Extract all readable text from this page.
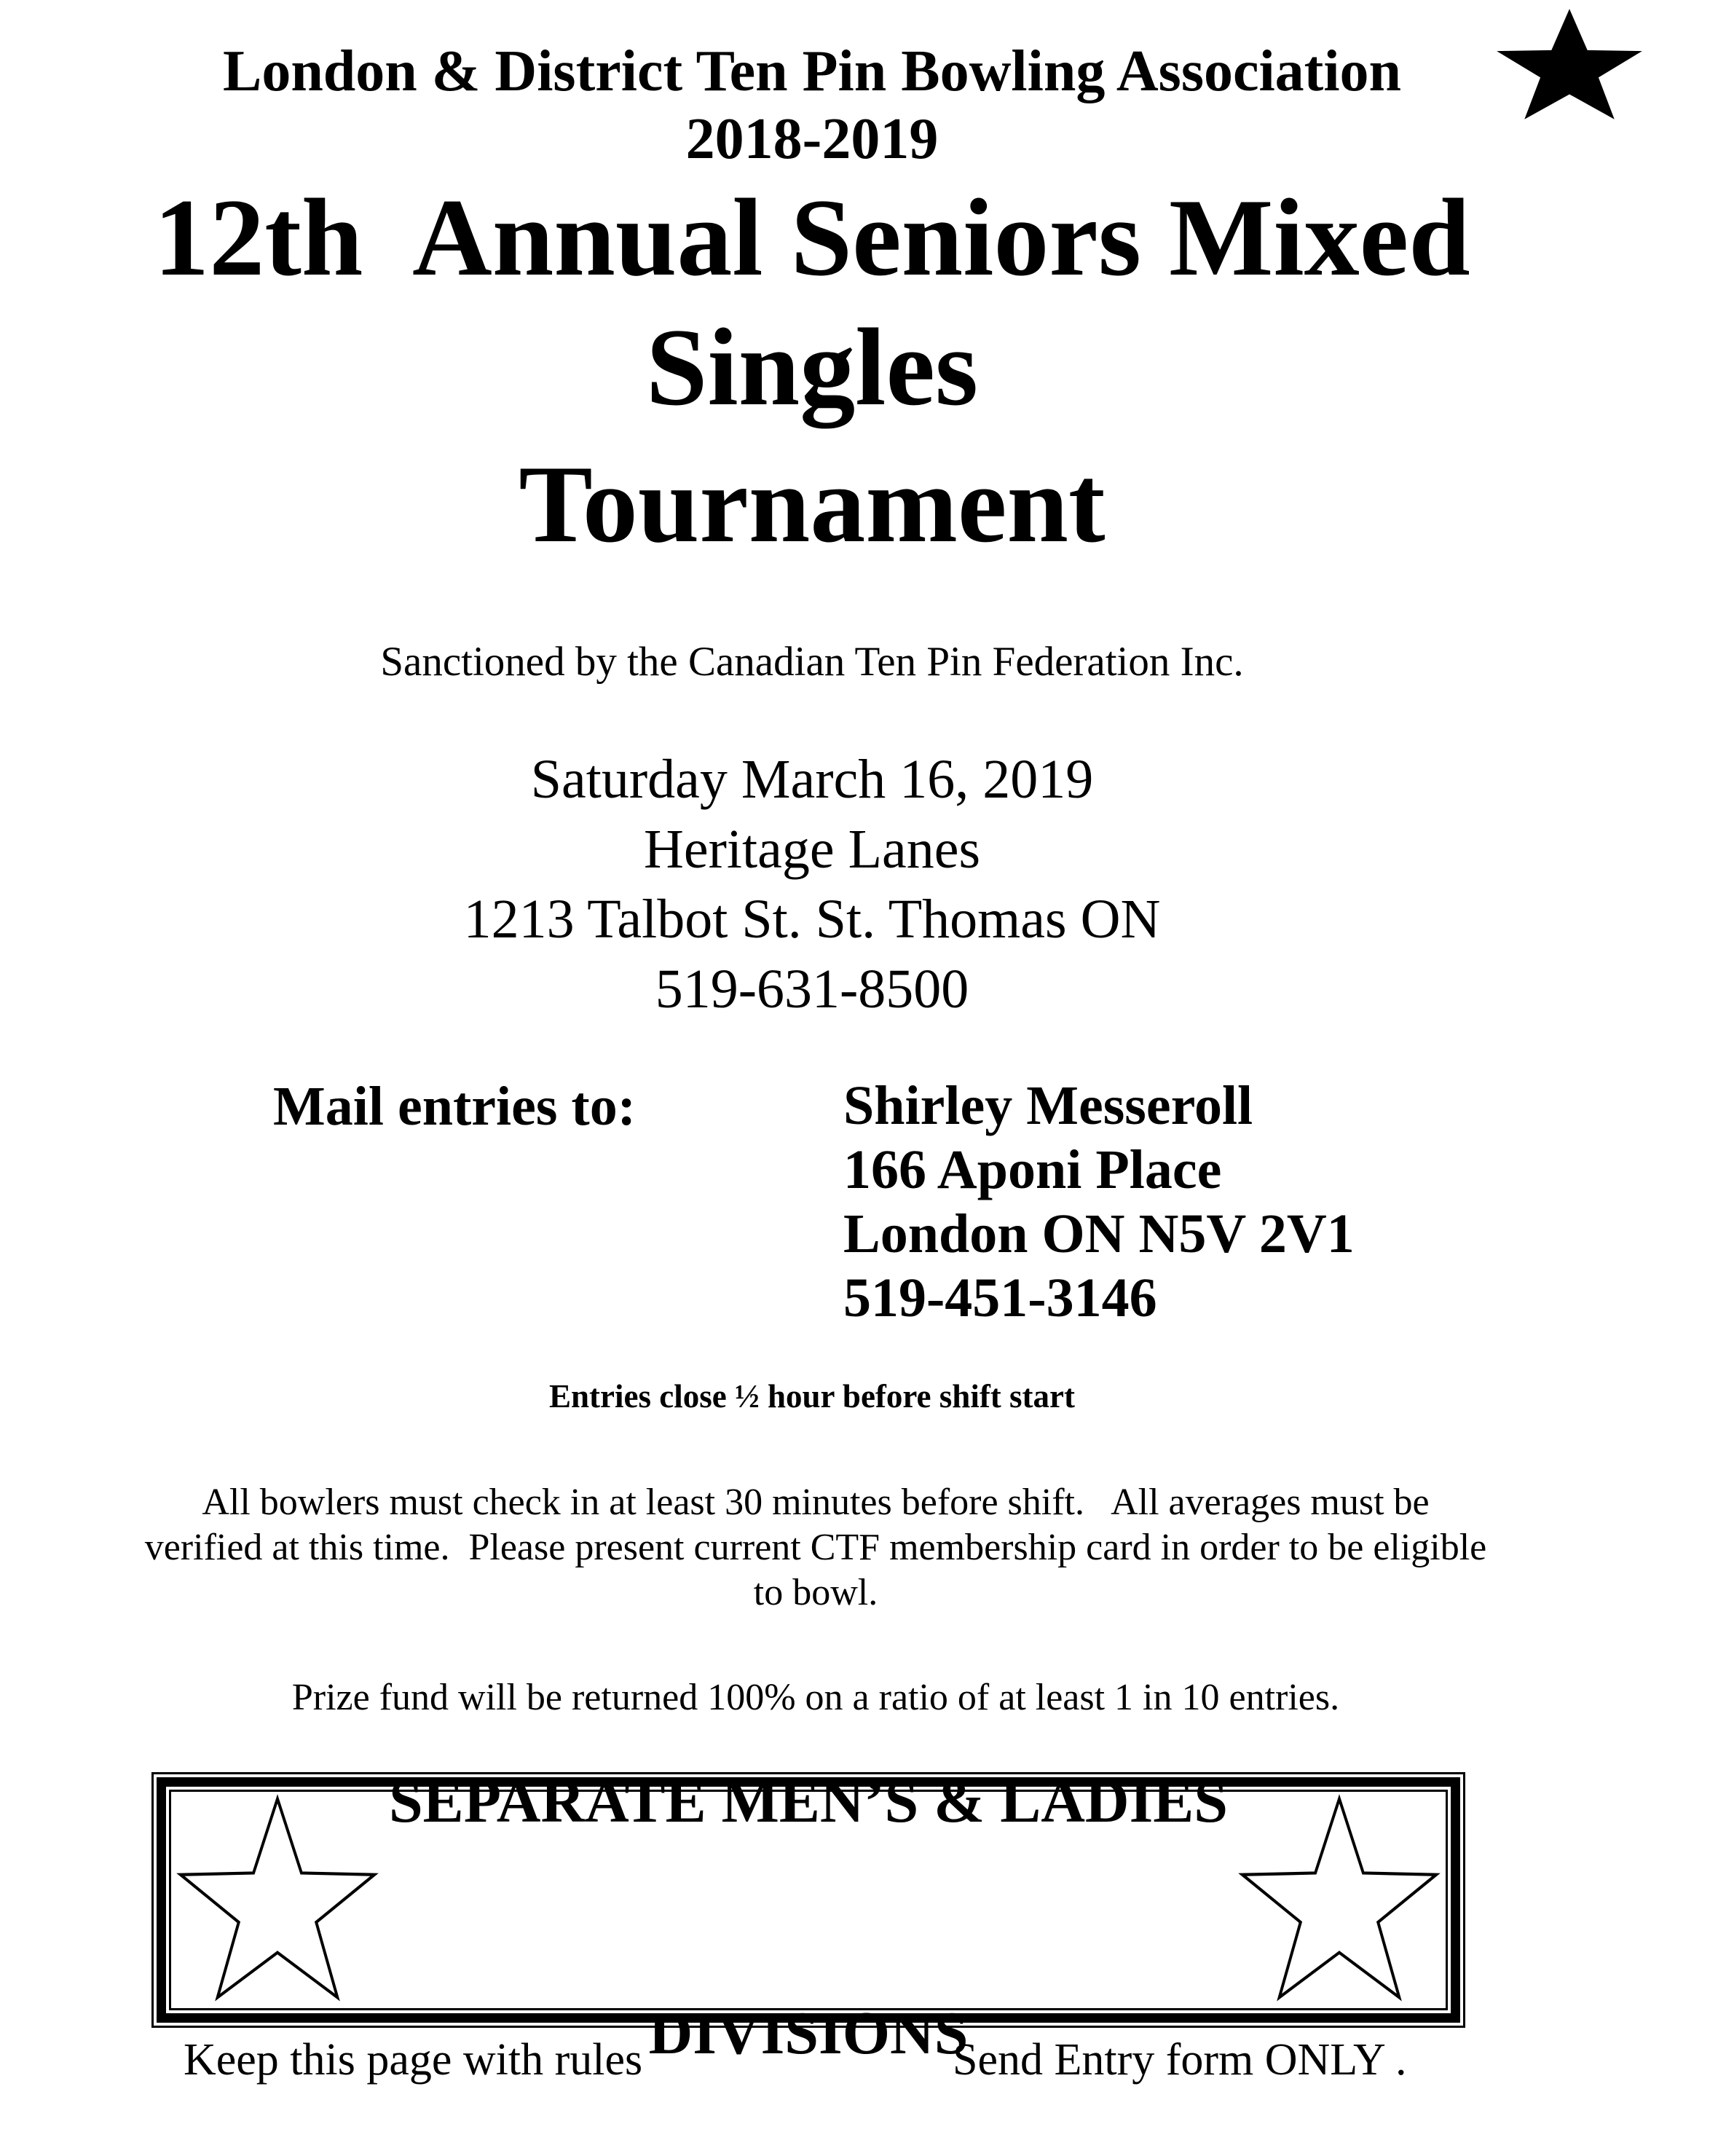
London & District Ten Pin Bowling Association
2018-2019
12th  Annual Seniors Mixed
Singles
Tournament
Sanctioned by the Canadian Ten Pin Federation Inc.
Saturday March 16, 2019
Heritage Lanes
1213 Talbot St. St. Thomas ON
519-631-8500
Mail entries to:	Shirley Messeroll
166 Aponi Place
London ON N5V 2V1
519-451-3146
Entries close ½ hour before shift start
All bowlers must check in at least 30 minutes before shift.   All averages must be
verified at this time.  Please present current CTF membership card in order to be eligible
to bowl.
Prize fund will be returned 100% on a ratio of at least 1 in 10 entries.

SEPARATE MEN’S & LADIES

DIVISIONS

Keep this page with rules	Send Entry form ONLY .
